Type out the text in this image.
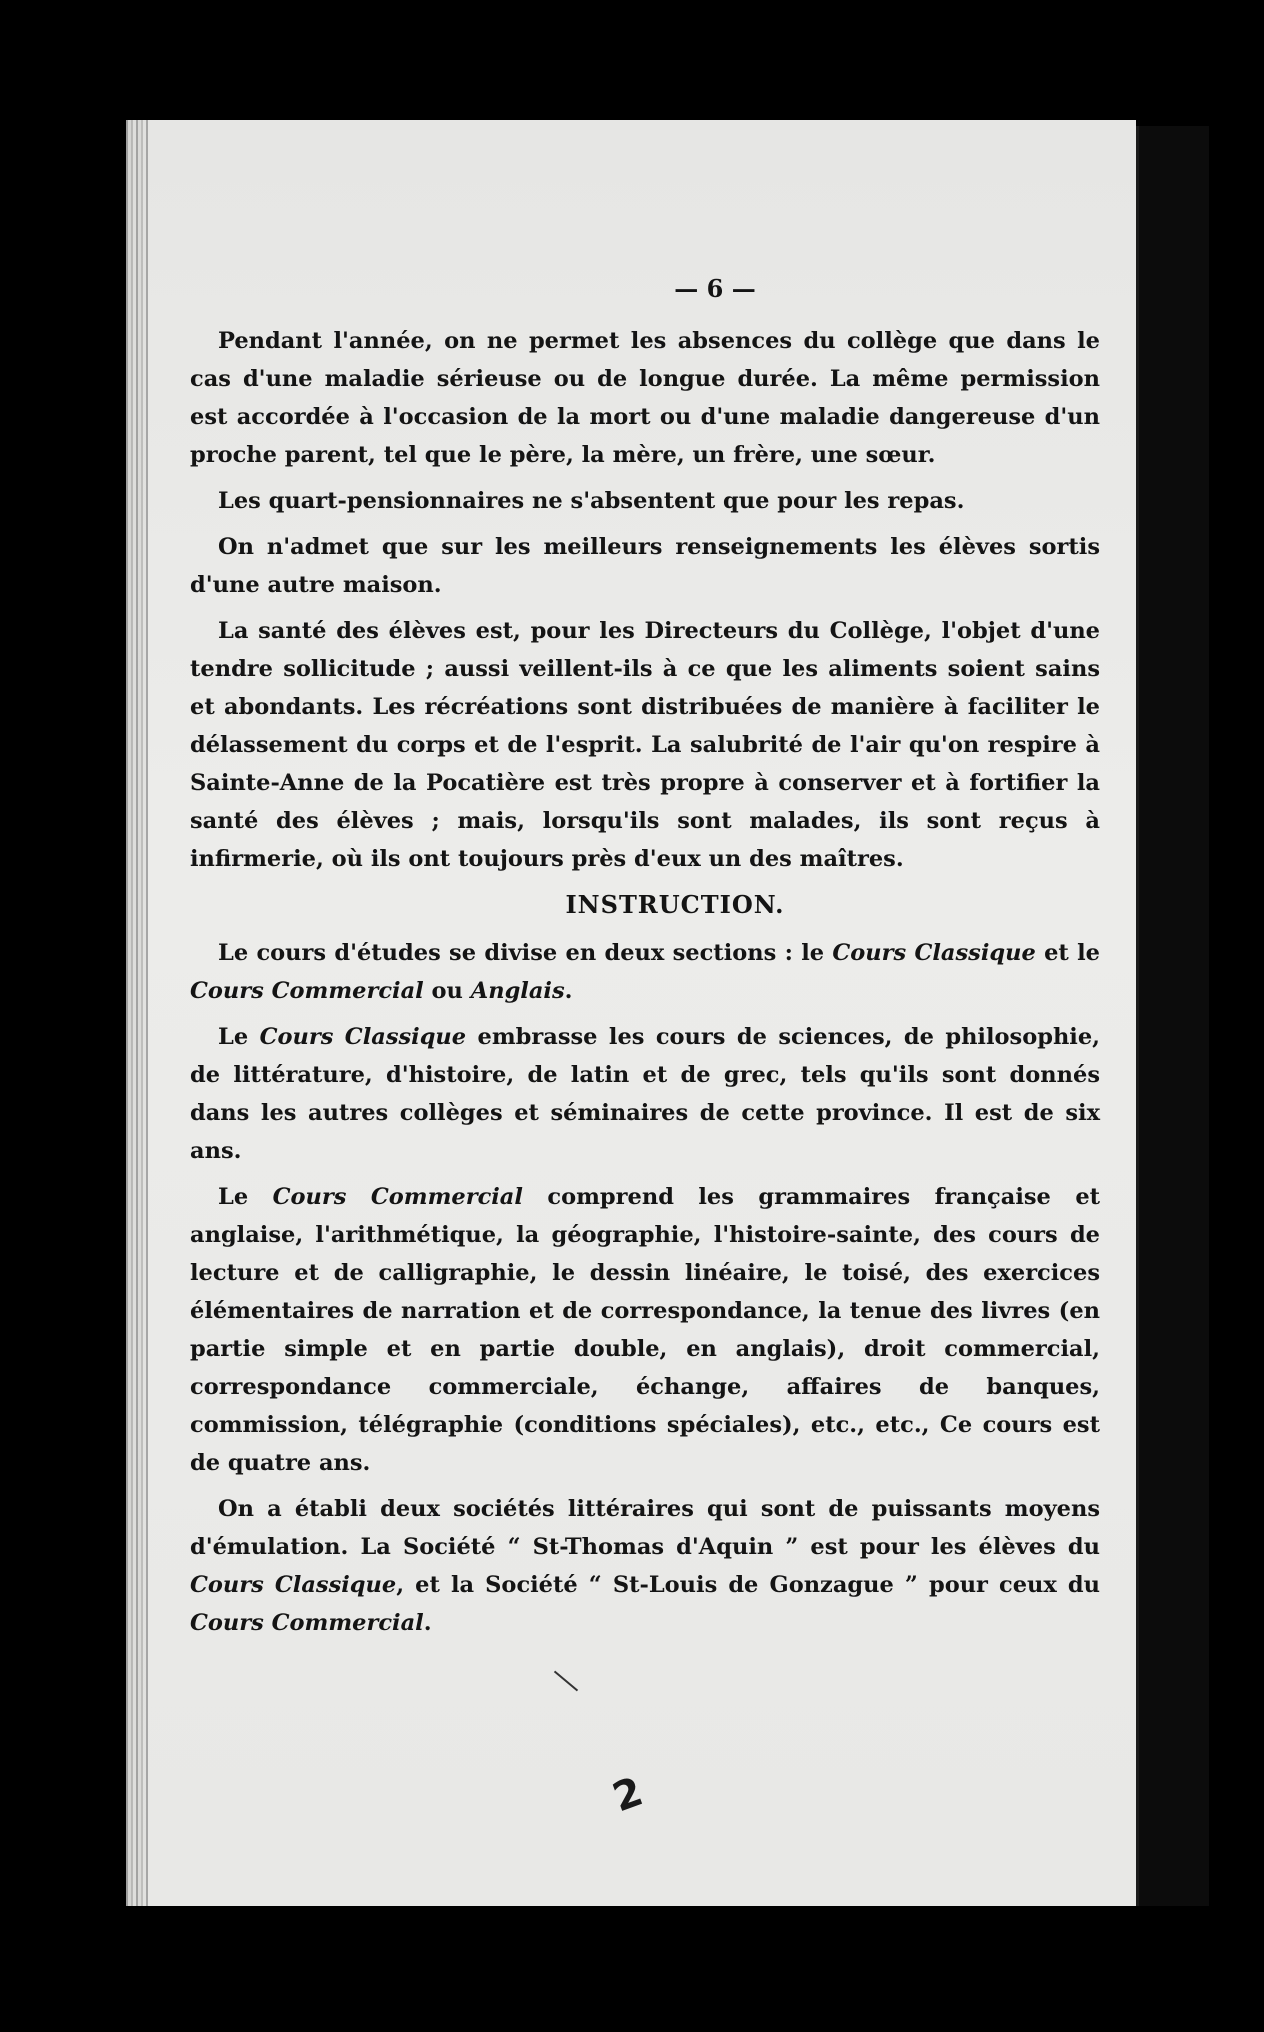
— 6 —

Pendant l'année, on ne permet les absences du collège que dans le cas d'une maladie sérieuse ou de longue durée. La même permission est accordée à l'occasion de la mort ou d'une maladie dangereuse d'un proche parent, tel que le père, la mère, un frère, une sœur.

Les quart-pensionnaires ne s'absentent que pour les repas.

On n'admet que sur les meilleurs renseignements les élèves sortis d'une autre maison.

La santé des élèves est, pour les Directeurs du Collège, l'objet d'une tendre sollicitude ; aussi veillent-ils à ce que les aliments soient sains et abondants. Les récréations sont distribuées de manière à faciliter le délassement du corps et de l'esprit. La salubrité de l'air qu'on respire à Sainte-Anne de la Pocatière est très propre à conserver et à fortifier la santé des élèves ; mais, lorsqu'ils sont malades, ils sont reçus à infirmerie, où ils ont toujours près d'eux un des maîtres.

INSTRUCTION.

Le cours d'études se divise en deux sections : le Cours Classique et le Cours Commercial ou Anglais.

Le Cours Classique embrasse les cours de sciences, de philosophie, de littérature, d'histoire, de latin et de grec, tels qu'ils sont donnés dans les autres collèges et séminaires de cette province. Il est de six ans.

Le Cours Commercial comprend les grammaires française et anglaise, l'arithmétique, la géographie, l'histoire-sainte, des cours de lecture et de calligraphie, le dessin linéaire, le toisé, des exercices élémentaires de narration et de correspondance, la tenue des livres (en partie simple et en partie double, en anglais), droit commercial, correspondance commerciale, échange, affaires de banques, commission, télégraphie (conditions spéciales), etc., etc., Ce cours est de quatre ans.

On a établi deux sociétés littéraires qui sont de puissants moyens d'émulation. La Société “ St-Thomas d'Aquin ” est pour les élèves du Cours Classique, et la Société “ St-Louis de Gonzague ” pour ceux du Cours Commercial.

2
